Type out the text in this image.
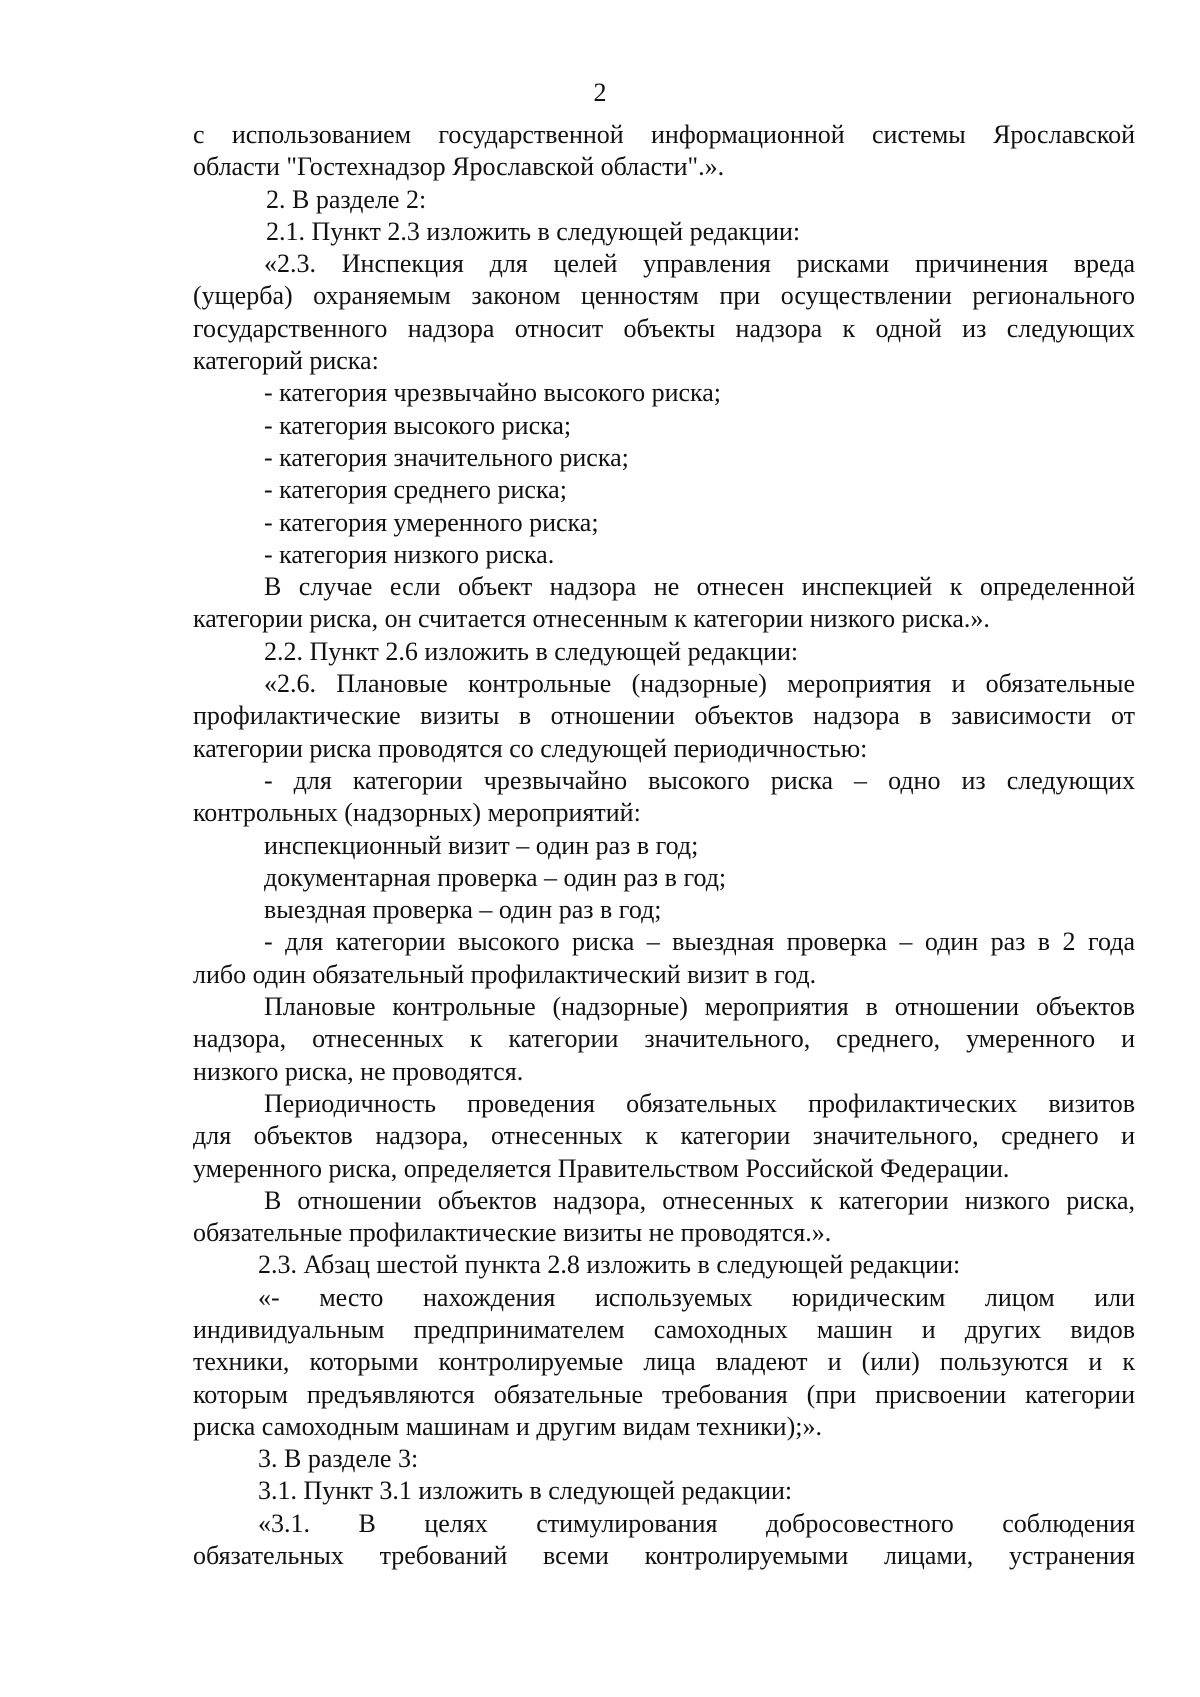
2
с использованием государственной информационной системы Ярославской
области "Гостехнадзор Ярославской области".».
2. В разделе 2:
2.1. Пункт 2.3 изложить в следующей редакции:
«2.3. Инспекция для целей управления рисками причинения вреда
(ущерба) охраняемым законом ценностям при осуществлении регионального
государственного надзора относит объекты надзора к одной из следующих
категорий риска:
- категория чрезвычайно высокого риска;
- категория высокого риска;
- категория значительного риска;
- категория среднего риска;
- категория умеренного риска;
- категория низкого риска.
В случае если объект надзора не отнесен инспекцией к определенной
категории риска, он считается отнесенным к категории низкого риска.».
2.2. Пункт 2.6 изложить в следующей редакции:
«2.6. Плановые контрольные (надзорные) мероприятия и обязательные
профилактические визиты в отношении объектов надзора в зависимости от
категории риска проводятся со следующей периодичностью:
- для категории чрезвычайно высокого риска – одно из следующих
контрольных (надзорных) мероприятий:
инспекционный визит – один раз в год;
документарная проверка – один раз в год;
выездная проверка – один раз в год;
- для категории высокого риска – выездная проверка – один раз в 2 года
либо один обязательный профилактический визит в год.
Плановые контрольные (надзорные) мероприятия в отношении объектов
надзора, отнесенных к категории значительного, среднего, умеренного и
низкого риска, не проводятся.
Периодичность проведения обязательных профилактических визитов
для объектов надзора, отнесенных к категории значительного, среднего и
умеренного риска, определяется Правительством Российской Федерации.
В отношении объектов надзора, отнесенных к категории низкого риска,
обязательные профилактические визиты не проводятся.».
2.3. Абзац шестой пункта 2.8 изложить в следующей редакции:
«- место нахождения используемых юридическим лицом или
индивидуальным предпринимателем самоходных машин и других видов
техники, которыми контролируемые лица владеют и (или) пользуются и к
которым предъявляются обязательные требования (при присвоении категории
риска самоходным машинам и другим видам техники);».
3. В разделе 3:
3.1. Пункт 3.1 изложить в следующей редакции:
«3.1. В целях стимулирования добросовестного соблюдения
обязательных требований всеми контролируемыми лицами, устранения
